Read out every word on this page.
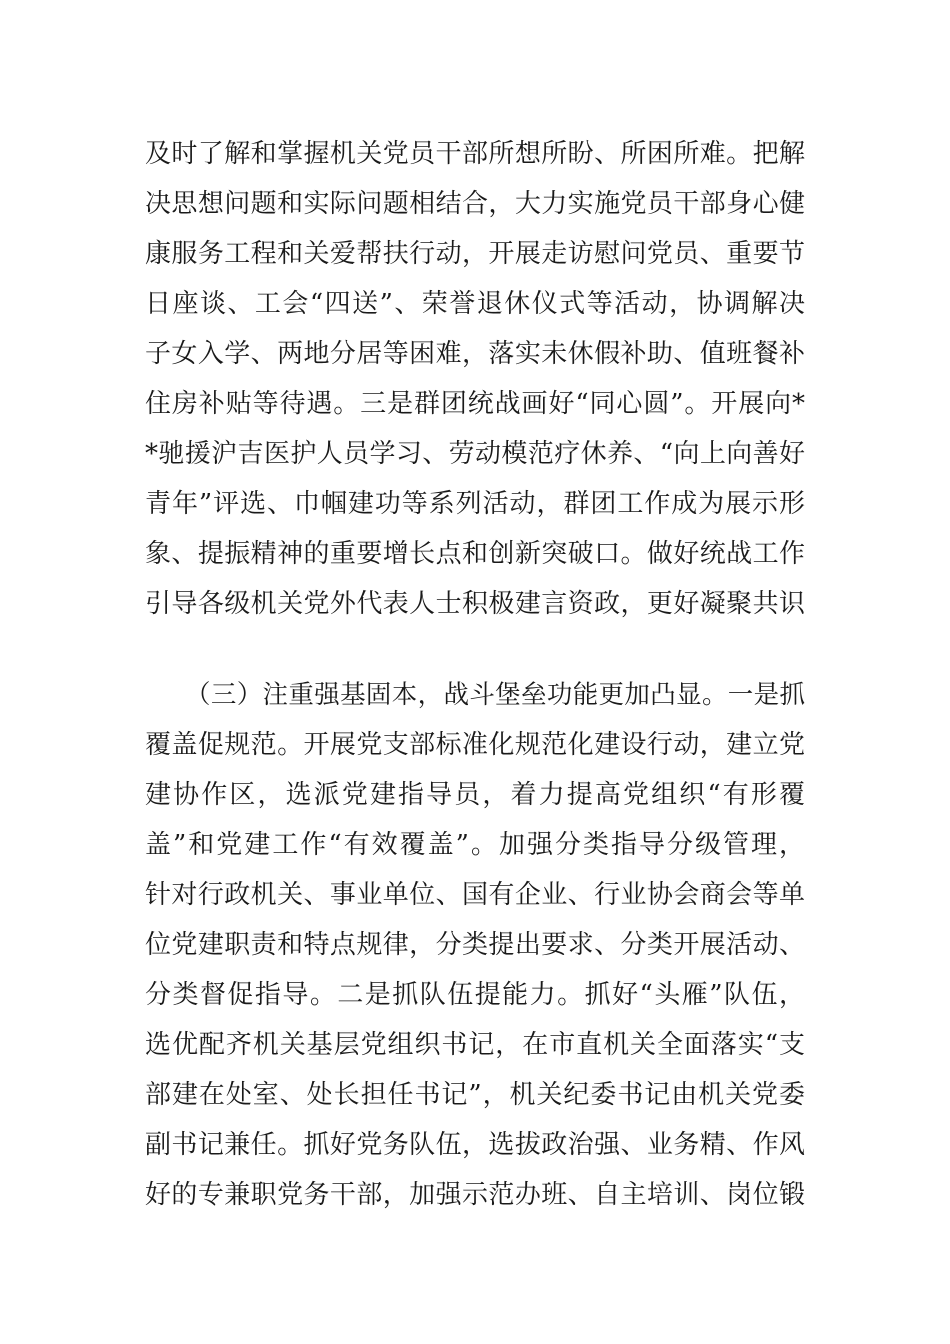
及时了解和掌握机关党员干部所想所盼、所困所难。把解
决思想问题和实际问题相结合，大力实施党员干部身心健
康服务工程和关爱帮扶行动，开展走访慰问党员、重要节
日座谈、工会“四送”、荣誉退休仪式等活动，协调解决
子女入学、两地分居等困难，落实未休假补助、值班餐补
住房补贴等待遇。三是群团统战画好“同心圆”。开展向*
*驰援沪吉医护人员学习、劳动模范疗休养、“向上向善好
青年”评选、巾帼建功等系列活动，群团工作成为展示形
象、提振精神的重要增长点和创新突破口。做好统战工作
引导各级机关党外代表人士积极建言资政，更好凝聚共识
（三）注重强基固本，战斗堡垒功能更加凸显。一是抓
覆盖促规范。开展党支部标准化规范化建设行动，建立党
建协作区，选派党建指导员，着力提高党组织“有形覆
盖”和党建工作“有效覆盖”。加强分类指导分级管理，
针对行政机关、事业单位、国有企业、行业协会商会等单
位党建职责和特点规律，分类提出要求、分类开展活动、
分类督促指导。二是抓队伍提能力。抓好“头雁”队伍，
选优配齐机关基层党组织书记，在市直机关全面落实“支
部建在处室、处长担任书记”，机关纪委书记由机关党委
副书记兼任。抓好党务队伍，选拔政治强、业务精、作风
好的专兼职党务干部，加强示范办班、自主培训、岗位锻
